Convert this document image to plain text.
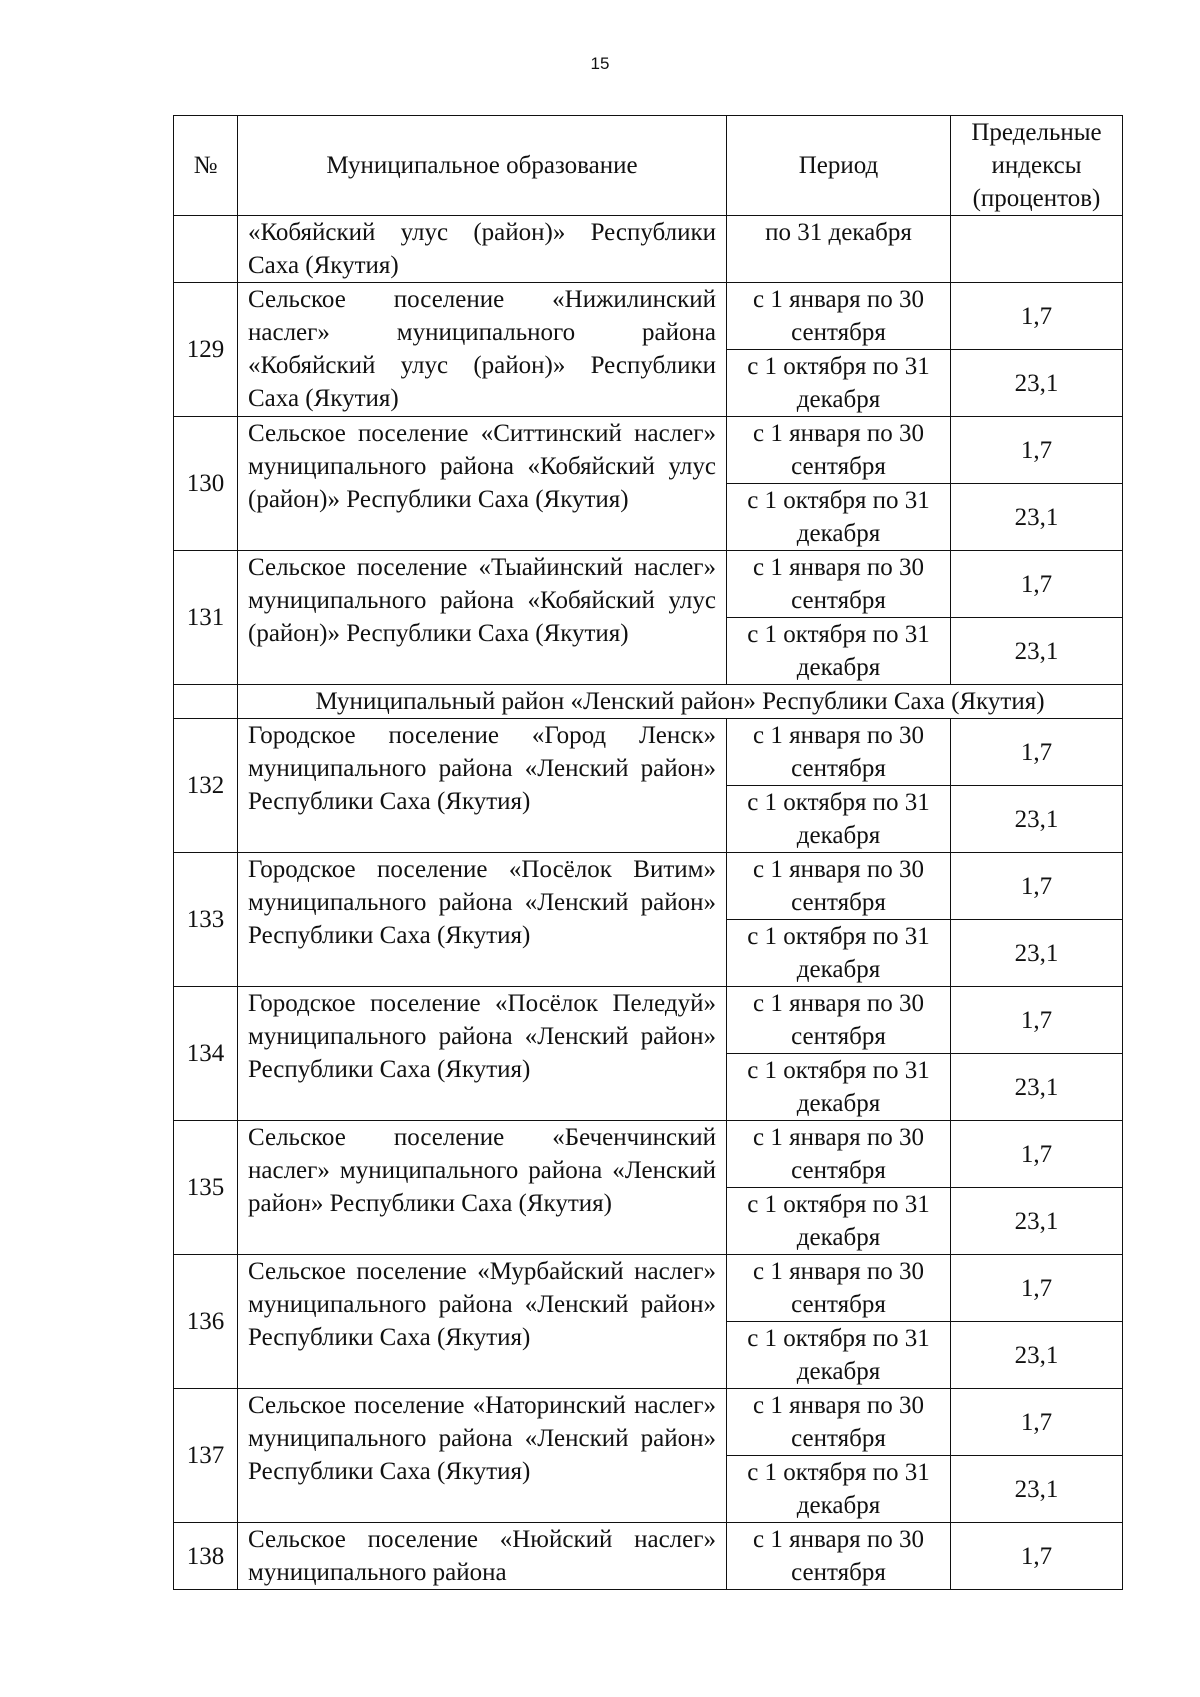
15
№	Муниципальное образование	Период	Предельные индексы (процентов)
	«Кобяйский улус (район)» Республики Саха (Якутия)	по 31 декабря	
129	Сельское поселение «Нижилинский наслег» муниципального района «Кобяйский улус (район)» Республики Саха (Якутия)	с 1 января по 30 сентября	1,7
		с 1 октября по 31 декабря	23,1
130	Сельское поселение «Ситтинский наслег» муниципального района «Кобяйский улус (район)» Республики Саха (Якутия)	с 1 января по 30 сентября	1,7
		с 1 октября по 31 декабря	23,1
131	Сельское поселение «Тыайинский наслег» муниципального района «Кобяйский улус (район)» Республики Саха (Якутия)	с 1 января по 30 сентября	1,7
		с 1 октября по 31 декабря	23,1
	Муниципальный район «Ленский район» Республики Саха (Якутия)		
132	Городское поселение «Город Ленск» муниципального района «Ленский район» Республики Саха (Якутия)	с 1 января по 30 сентября	1,7
		с 1 октября по 31 декабря	23,1
133	Городское поселение «Посёлок Витим» муниципального района «Ленский район» Республики Саха (Якутия)	с 1 января по 30 сентября	1,7
		с 1 октября по 31 декабря	23,1
134	Городское поселение «Посёлок Пеледуй» муниципального района «Ленский район» Республики Саха (Якутия)	с 1 января по 30 сентября	1,7
		с 1 октября по 31 декабря	23,1
135	Сельское поселение «Беченчинский наслег» муниципального района «Ленский район» Республики Саха (Якутия)	с 1 января по 30 сентября	1,7
		с 1 октября по 31 декабря	23,1
136	Сельское поселение «Мурбайский наслег» муниципального района «Ленский район» Республики Саха (Якутия)	с 1 января по 30 сентября	1,7
		с 1 октября по 31 декабря	23,1
137	Сельское поселение «Наторинский наслег» муниципального района «Ленский район» Республики Саха (Якутия)	с 1 января по 30 сентября	1,7
		с 1 октября по 31 декабря	23,1
138	Сельское поселение «Нюйский наслег» муниципального района	с 1 января по 30 сентября	1,7
